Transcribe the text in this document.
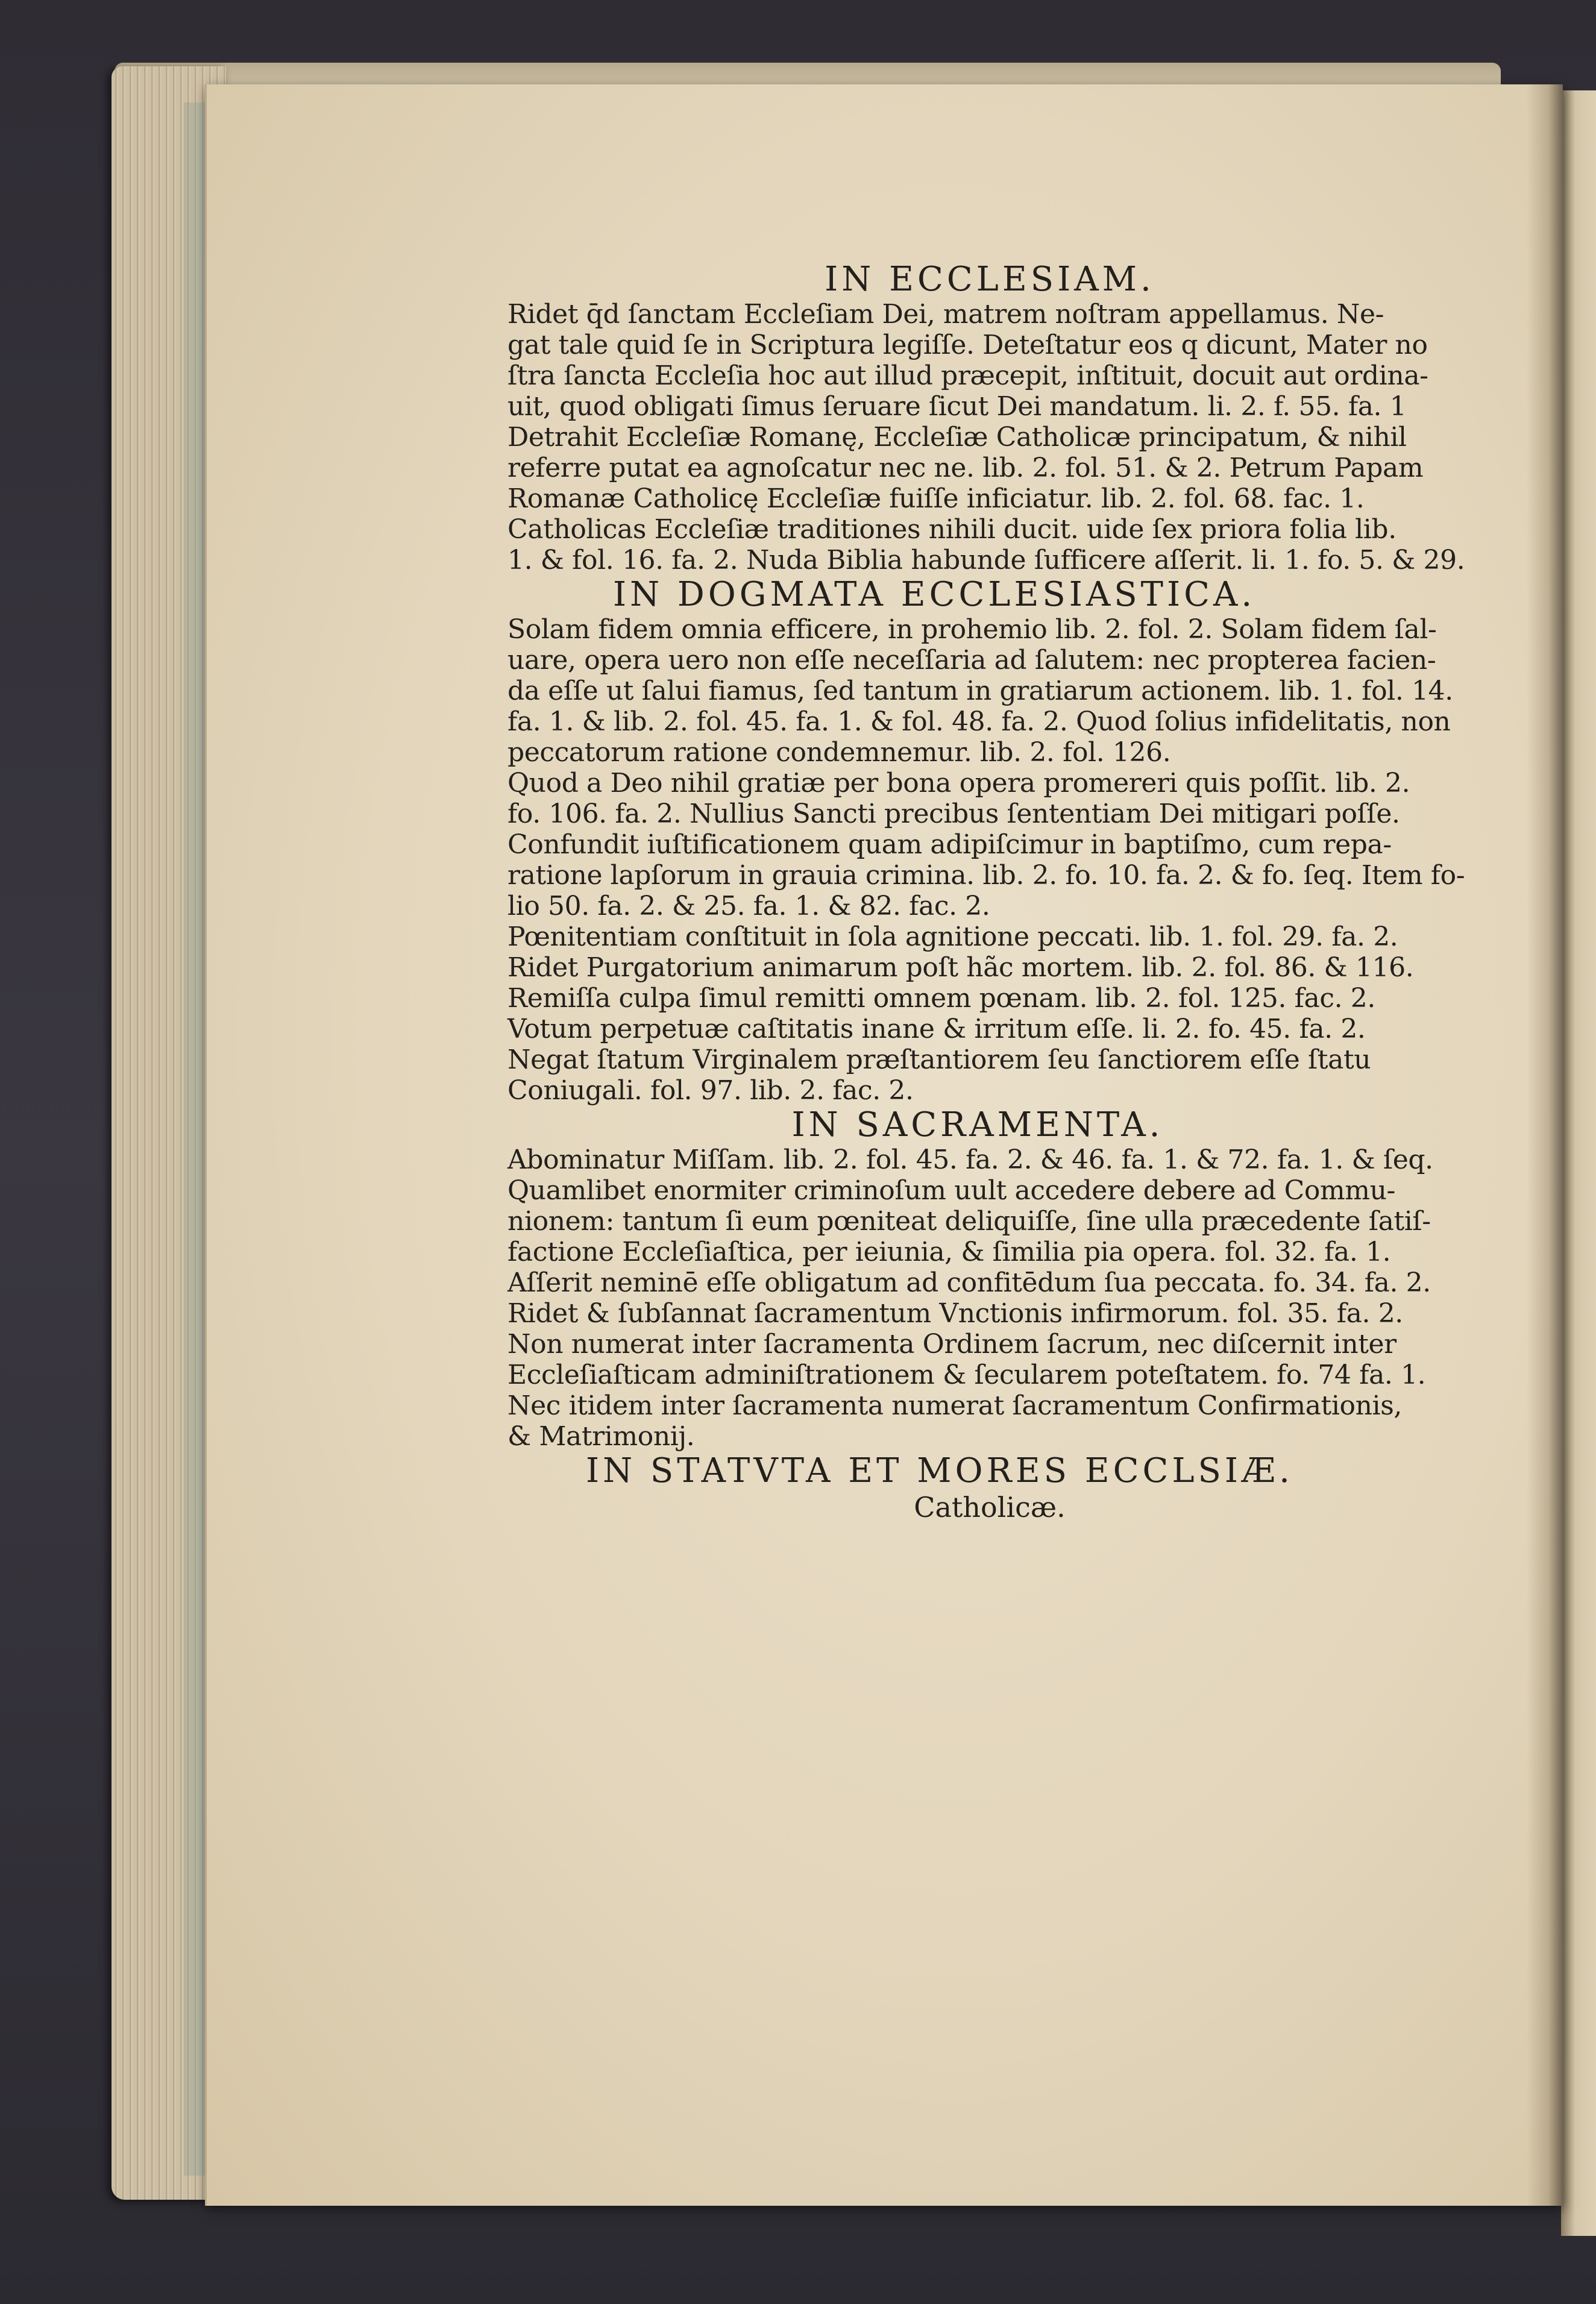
IN ECCLESIAM.
Ridet q̄d ſanctam Eccleſiam Dei, matrem noſtram appellamus. Ne-
gat tale quid ſe in Scriptura legiſſe. Deteſtatur eos q dicunt, Mater no
ſtra ſancta Eccleſia hoc aut illud præcepit, inſtituit, docuit aut ordina-
uit, quod obligati ſimus ſeruare ſicut Dei mandatum. li. 2. f. 55. fa. 1
Detrahit Eccleſiæ Romanę, Eccleſiæ Catholicæ principatum, & nihil
referre putat ea agnoſcatur nec ne. lib. 2. fol. 51. & 2. Petrum Papam
Romanæ Catholicę Eccleſiæ fuiſſe inficiatur. lib. 2. fol. 68. fac. 1.
Catholicas Eccleſiæ traditiones nihili ducit. uide ſex priora folia lib.
1. & fol. 16. fa. 2. Nuda Biblia habunde ſufficere aſſerit. li. 1. fo. 5. & 29.
IN DOGMATA ECCLESIASTICA.
Solam fidem omnia efficere, in prohemio lib. 2. fol. 2. Solam fidem ſal-
uare, opera uero non eſſe neceſſaria ad ſalutem: nec propterea facien-
da eſſe ut ſalui fiamus, ſed tantum in gratiarum actionem. lib. 1. fol. 14.
fa. 1. & lib. 2. fol. 45. fa. 1. & fol. 48. fa. 2. Quod ſolius infidelitatis, non
peccatorum ratione condemnemur. lib. 2. fol. 126.
Quod a Deo nihil gratiæ per bona opera promereri quis poſſit. lib. 2.
fo. 106. fa. 2. Nullius Sancti precibus ſententiam Dei mitigari poſſe.
Confundit iuſtificationem quam adipiſcimur in baptiſmo, cum repa-
ratione lapſorum in grauia crimina. lib. 2. fo. 10. fa. 2. & fo. ſeq. Item fo-
lio 50. fa. 2. & 25. fa. 1. & 82. fac. 2.
Pœnitentiam conſtituit in ſola agnitione peccati. lib. 1. fol. 29. fa. 2.
Ridet Purgatorium animarum poſt hãc mortem. lib. 2. fol. 86. & 116.
Remiſſa culpa ſimul remitti omnem pœnam. lib. 2. fol. 125. fac. 2.
Votum perpetuæ caſtitatis inane & irritum eſſe. li. 2. fo. 45. fa. 2.
Negat ſtatum Virginalem præſtantiorem ſeu ſanctiorem eſſe ſtatu
Coniugali. fol. 97. lib. 2. fac. 2.
IN SACRAMENTA.
Abominatur Miſſam. lib. 2. fol. 45. fa. 2. & 46. fa. 1. & 72. fa. 1. & ſeq.
Quamlibet enormiter criminoſum uult accedere debere ad Commu-
nionem: tantum ſi eum pœniteat deliquiſſe, ſine ulla præcedente ſatiſ-
factione Eccleſiaſtica, per ieiunia, & ſimilia pia opera. fol. 32. fa. 1.
Aſſerit neminē eſſe obligatum ad confitēdum ſua peccata. fo. 34. fa. 2.
Ridet & ſubſannat ſacramentum Vnctionis infirmorum. fol. 35. fa. 2.
Non numerat inter ſacramenta Ordinem ſacrum, nec diſcernit inter
Eccleſiaſticam adminiſtrationem & ſecularem poteſtatem. fo. 74 fa. 1.
Nec itidem inter ſacramenta numerat ſacramentum Confirmationis,
& Matrimonij.
IN STATVTA ET MORES ECCLSIÆ.
Catholicæ.
